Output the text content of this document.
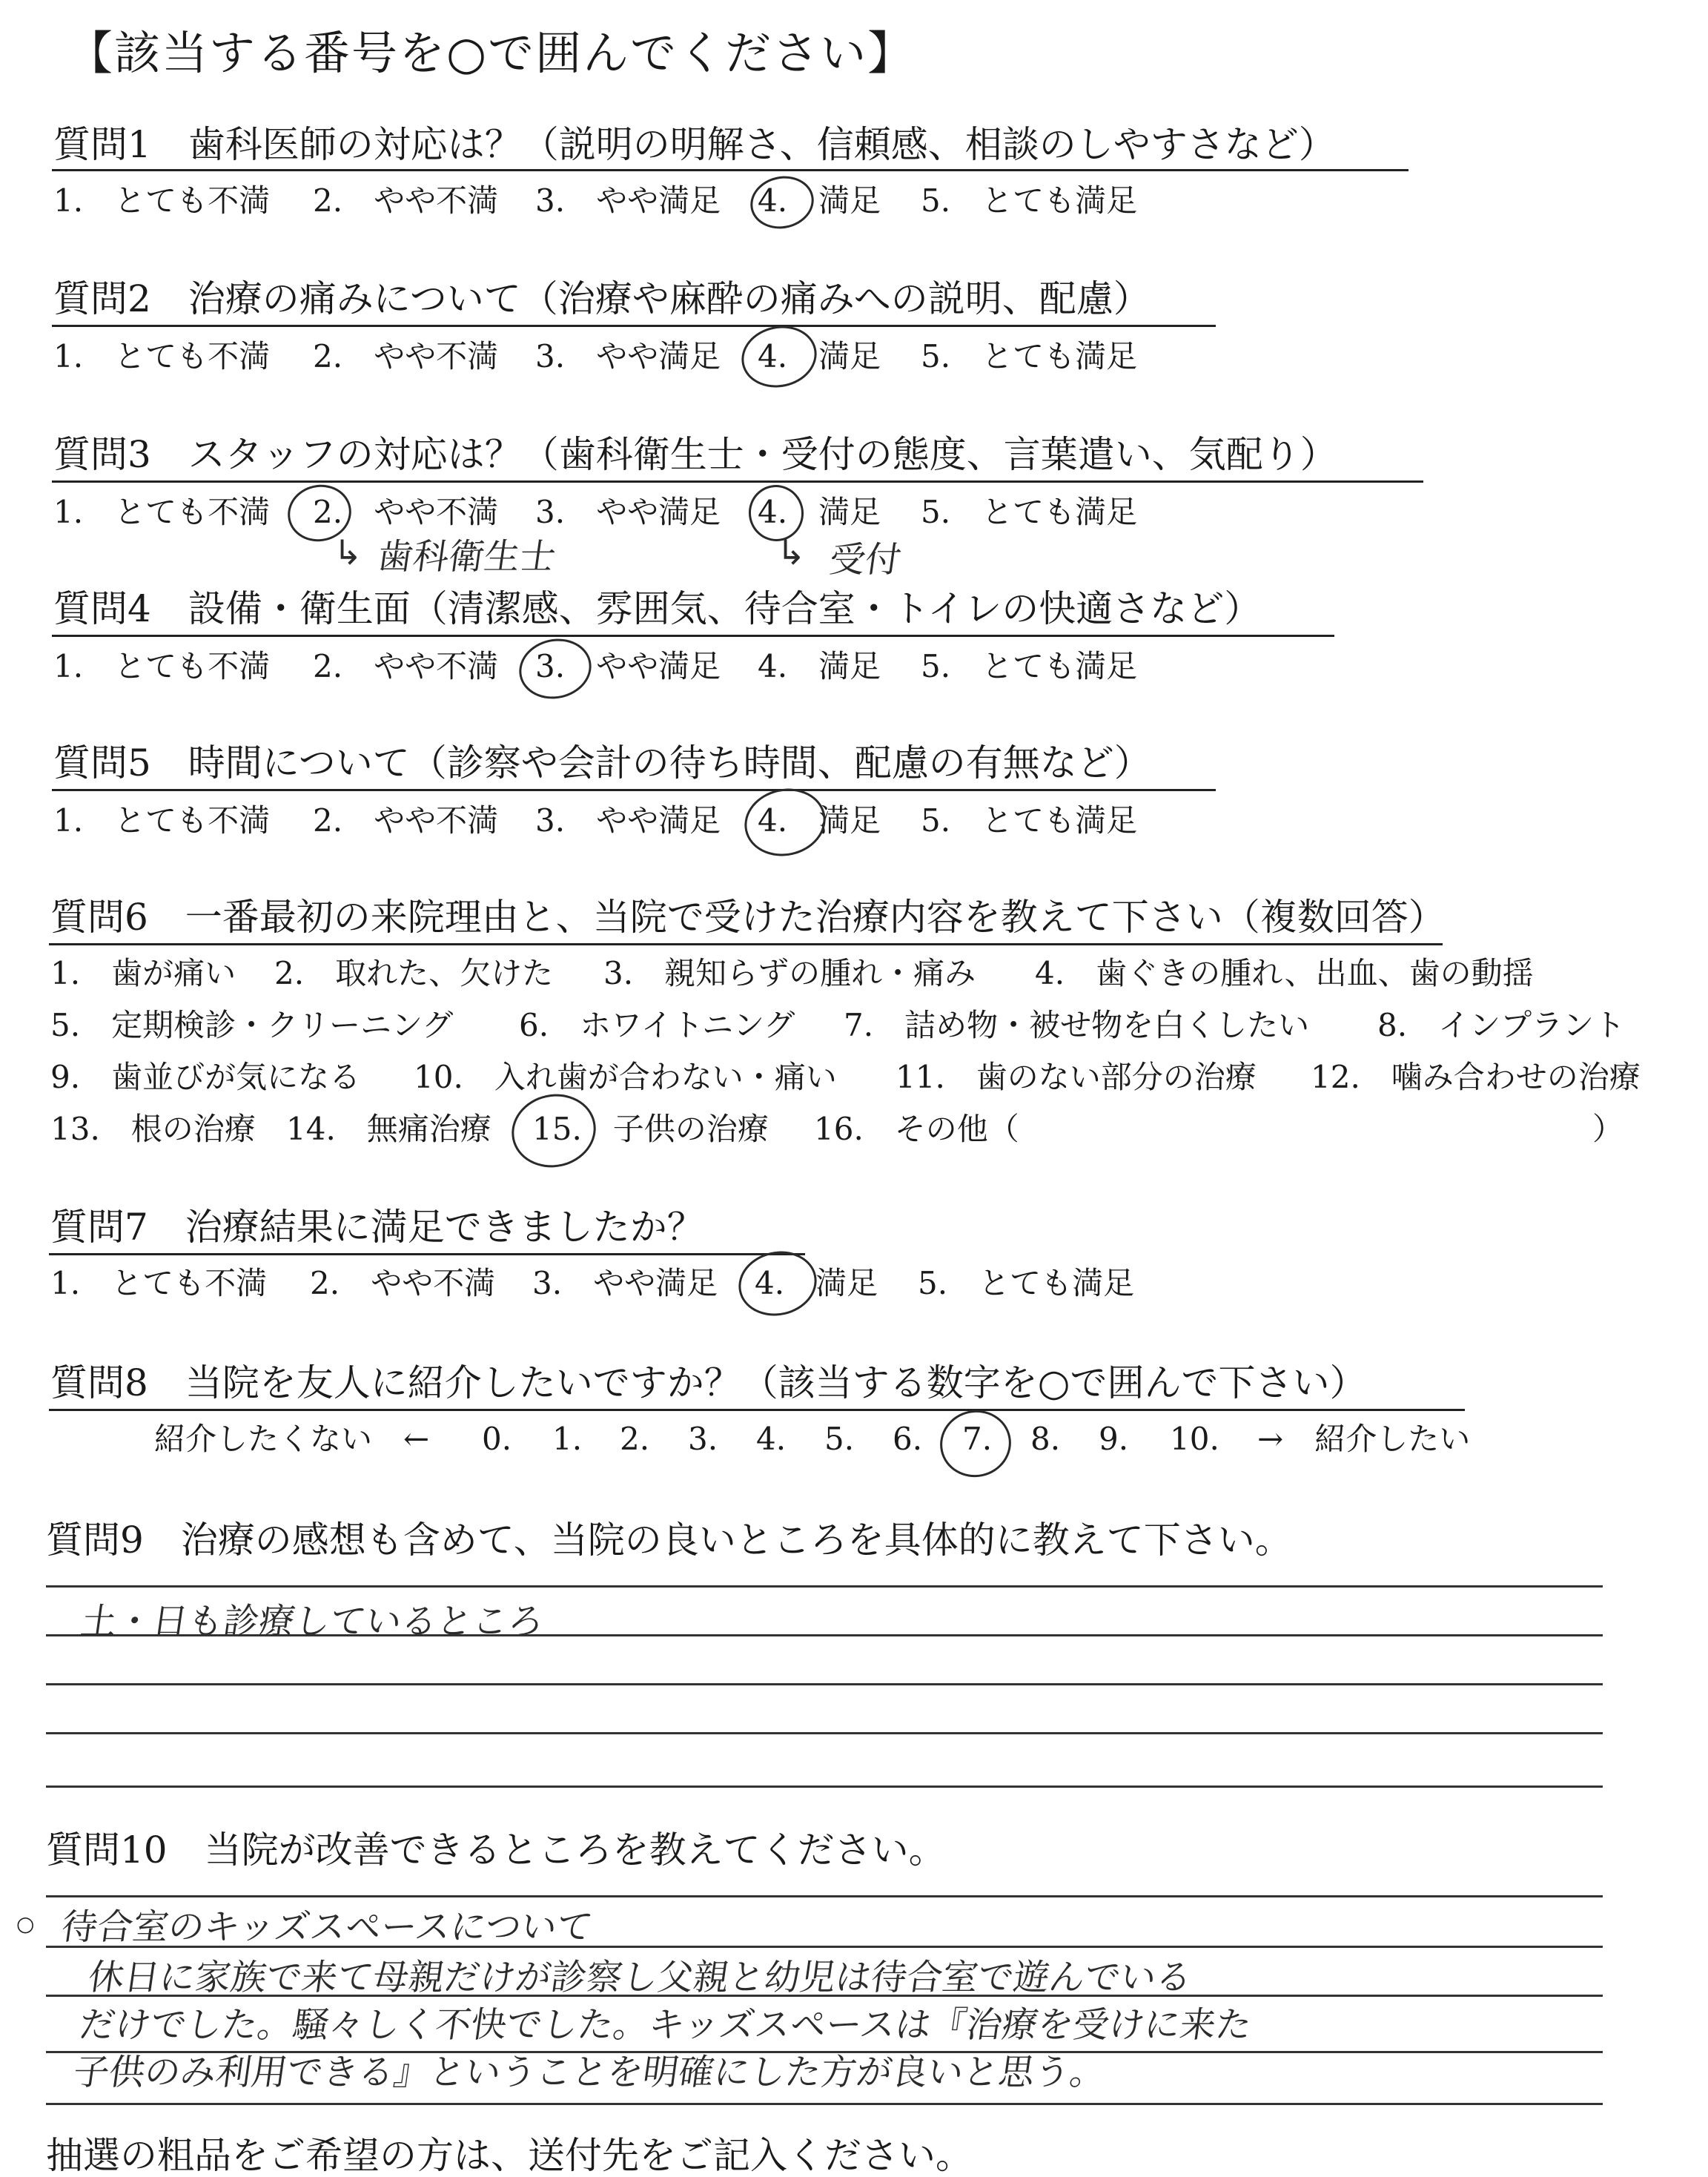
【該当する番号を○で囲んでください】
質問1　歯科医師の対応は？（説明の明解さ、信頼感、相談のしやすさなど）
1.　とても不満 2.　やや不満 3.　やや満足 4.　満足 5.　とても満足
質問2　治療の痛みについて（治療や麻酔の痛みへの説明、配慮）
1.　とても不満 2.　やや不満 3.　やや満足 4.　満足 5.　とても満足
質問3　スタッフの対応は？（歯科衛生士・受付の態度、言葉遣い、気配り）
1.　とても不満 2.　やや不満 3.　やや満足 4.　満足 5.　とても満足
↳ 歯科衛生士	↳ 受付
質問4　設備・衛生面（清潔感、雰囲気、待合室・トイレの快適さなど）
1.　とても不満 2.　やや不満 3.　やや満足 4.　満足 5.　とても満足
質問5　時間について（診察や会計の待ち時間、配慮の有無など）
1.　とても不満 2.　やや不満 3.　やや満足 4.　満足 5.　とても満足
質問6　一番最初の来院理由と、当院で受けた治療内容を教えて下さい（複数回答）
1.　歯が痛い 2.　取れた、欠けた 3.　親知らずの腫れ・痛み 4.　歯ぐきの腫れ、出血、歯の動揺
5.　定期検診・クリーニング 6.　ホワイトニング 7.　詰め物・被せ物を白くしたい 8.　インプラント
9.　歯並びが気になる 10.　入れ歯が合わない・痛い 11.　歯のない部分の治療 12.　噛み合わせの治療
13.　根の治療 14.　無痛治療 15.　子供の治療 16.　その他（	）
質問7　治療結果に満足できましたか？
1.　とても不満 2.　やや不満 3.　やや満足 4.　満足 5.　とても満足
質問8　当院を友人に紹介したいですか？（該当する数字を○で囲んで下さい）
紹介したくない　← 0. 1. 2. 3. 4. 5. 6. 7. 8. 9. 10. →　紹介したい
質問9　治療の感想も含めて、当院の良いところを具体的に教えて下さい。
土・日も診療しているところ
質問10　当院が改善できるところを教えてください。
○ 待合室のキッズスペースについて
休日に家族で来て母親だけが診察し父親と幼児は待合室で遊んでいる
だけでした。騒々しく不快でした。キッズスペースは『治療を受けに来た
子供のみ利用できる』ということを明確にした方が良いと思う。
抽選の粗品をご希望の方は、送付先をご記入ください。
